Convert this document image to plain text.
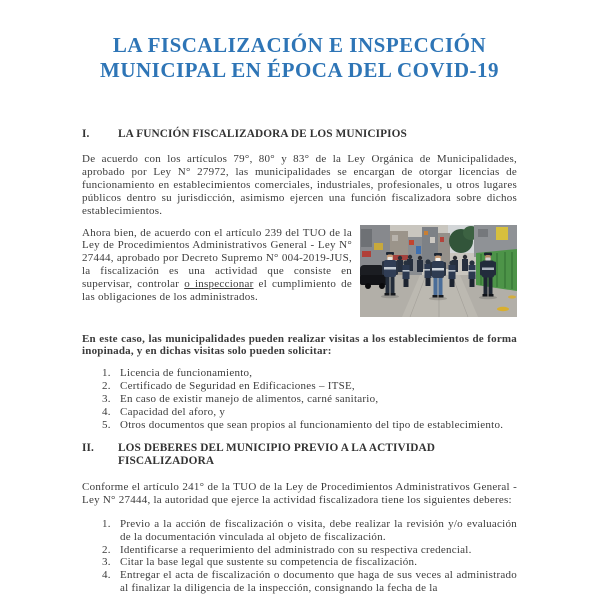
LA FISCALIZACIÓN E INSPECCIÓN
MUNICIPAL EN ÉPOCA DEL COVID-19
I.	LA FUNCIÓN FISCALIZADORA DE LOS MUNICIPIOS

De acuerdo con los artículos 79°, 80° y 83° de la Ley Orgánica de Municipalidades, aprobado por Ley N° 27972, las municipalidades se encargan de otorgar licencias de funcionamiento en establecimientos comerciales, industriales, profesionales, u otros lugares públicos dentro su jurisdicción, asimismo ejercen una función fiscalizadora sobre dichos establecimientos.

Ahora bien, de acuerdo con el artículo 239 del TUO de la Ley de Procedimientos Administrativos General - Ley N° 27444, aprobado por Decreto Supremo N° 004-2019-JUS, la fiscalización es una actividad que consiste en supervisar, controlar o inspeccionar el cumplimiento de las obligaciones de los administrados.

En este caso, las municipalidades pueden realizar visitas a los establecimientos de forma inopinada, y en dichas visitas solo pueden solicitar:

1. Licencia de funcionamiento,
2. Certificado de Seguridad en Edificaciones – ITSE,
3. En caso de existir manejo de alimentos, carné sanitario,
4. Capacidad del aforo, y
5. Otros documentos que sean propios al funcionamiento del tipo de establecimiento.
II.	LOS DEBERES DEL MUNICIPIO PREVIO A LA ACTIVIDAD FISCALIZADORA

Conforme el artículo 241° de la TUO de la Ley de Procedimientos Administrativos General - Ley N° 27444, la autoridad que ejerce la actividad fiscalizadora tiene los siguientes deberes:

1. Previo a la acción de fiscalización o visita, debe realizar la revisión y/o evaluación de la documentación vinculada al objeto de fiscalización.
2. Identificarse a requerimiento del administrado con su respectiva credencial.
3. Citar la base legal que sustente su competencia de fiscalización.
4. Entregar el acta de fiscalización o documento que haga de sus veces al administrado al finalizar la diligencia de la inspección, consignando la fecha de la
